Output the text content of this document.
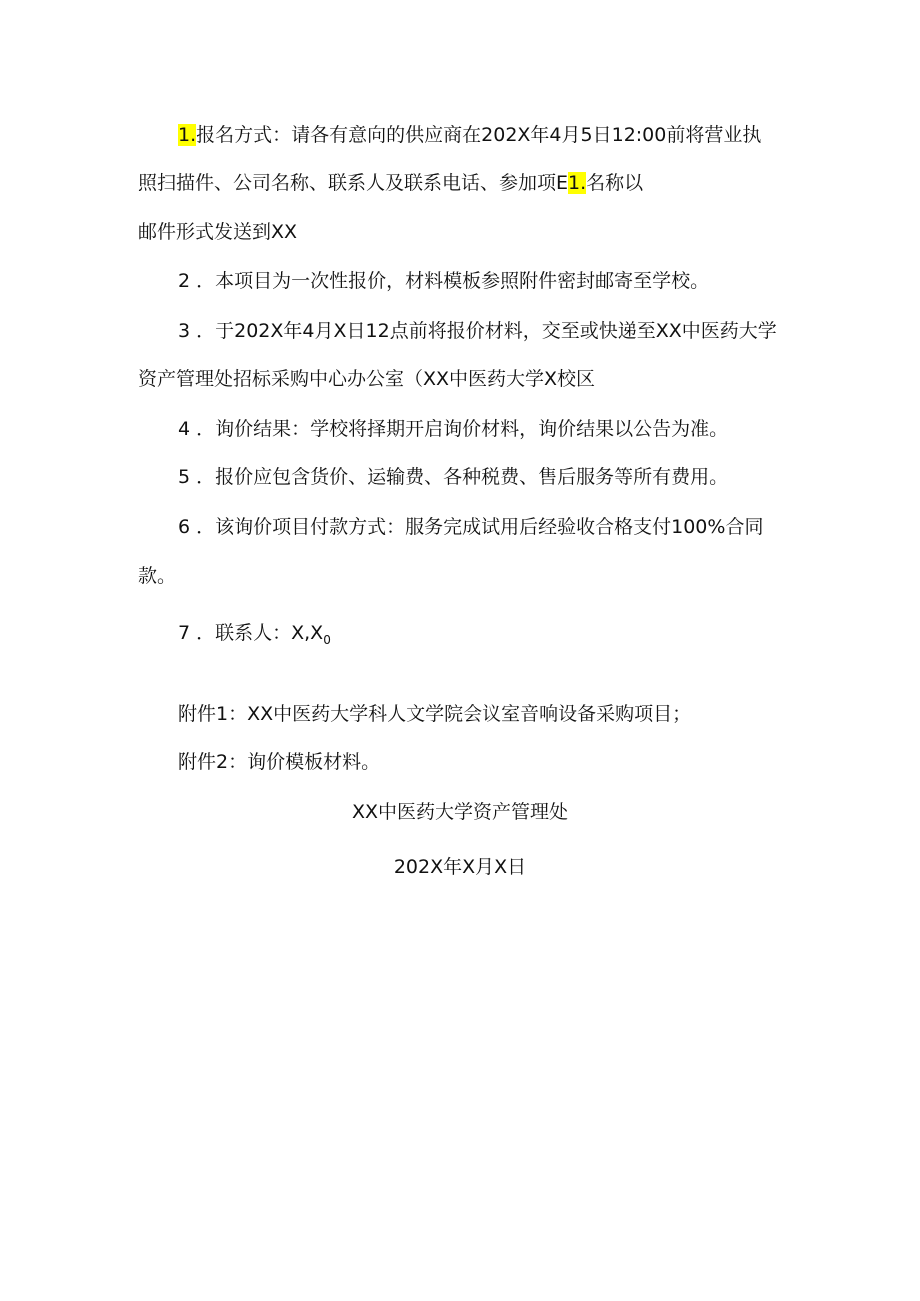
1.报名方式：请各有意向的供应商在202X年4月5日12:00前将营业执
照扫描件、公司名称、联系人及联系电话、参加项E1.名称以
邮件形式发送到XX
2 ．本项目为一次性报价，材料模板参照附件密封邮寄至学校。
3 ．于202X年4月X日12点前将报价材料，交至或快递至XX中医药大学
资产管理处招标采购中心办公室（XX中医药大学X校区
4 ．询价结果：学校将择期开启询价材料，询价结果以公告为准。
5 ．报价应包含货价、运输费、各种税费、售后服务等所有费用。
6 ．该询价项目付款方式：服务完成试用后经验收合格支付100%合同
款。
7 ．联系人：$X,X_0$
附件1：XX中医药大学科人文学院会议室音响设备采购项目；
附件2：询价模板材料。
XX中医药大学资产管理处
202X年X月X日
